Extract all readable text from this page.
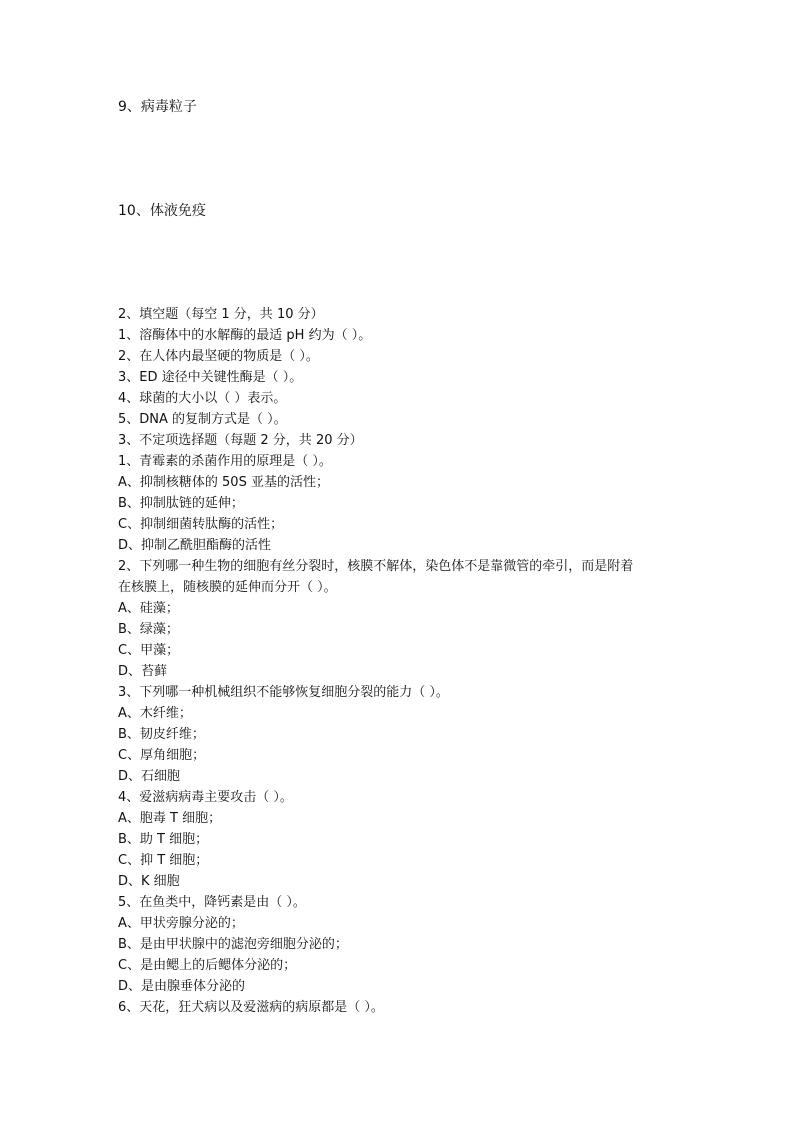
9、病毒粒子
10、体液免疫
2、填空题（每空 1 分，共 10 分）
1、溶酶体中的水解酶的最适 pH 约为（ ）。
2、在人体内最坚硬的物质是（ ）。
3、ED 途径中关键性酶是（ ）。
4、球菌的大小以（ ）表示。
5、DNA 的复制方式是（ ）。
3、不定项选择题（每题 2 分，共 20 分）
1、青霉素的杀菌作用的原理是（ ）。
A、抑制核糖体的 50S 亚基的活性；
B、抑制肽链的延伸；
C、抑制细菌转肽酶的活性；
D、抑制乙酰胆酯酶的活性
2、下列哪一种生物的细胞有丝分裂时，核膜不解体，染色体不是靠微管的牵引，而是附着
在核膜上，随核膜的延伸而分开（ ）。
A、硅藻；
B、绿藻；
C、甲藻；
D、苔藓
3、下列哪一种机械组织不能够恢复细胞分裂的能力（ ）。
A、木纤维；
B、韧皮纤维；
C、厚角细胞；
D、石细胞
4、爱滋病病毒主要攻击（ ）。
A、胞毒 T 细胞；
B、助 T 细胞；
C、抑 T 细胞；
D、K 细胞
5、在鱼类中，降钙素是由（ ）。
A、甲状旁腺分泌的；
B、是由甲状腺中的滤泡旁细胞分泌的；
C、是由鳃上的后鳃体分泌的；
D、是由腺垂体分泌的
6、天花，狂犬病以及爱滋病的病原都是（ ）。
